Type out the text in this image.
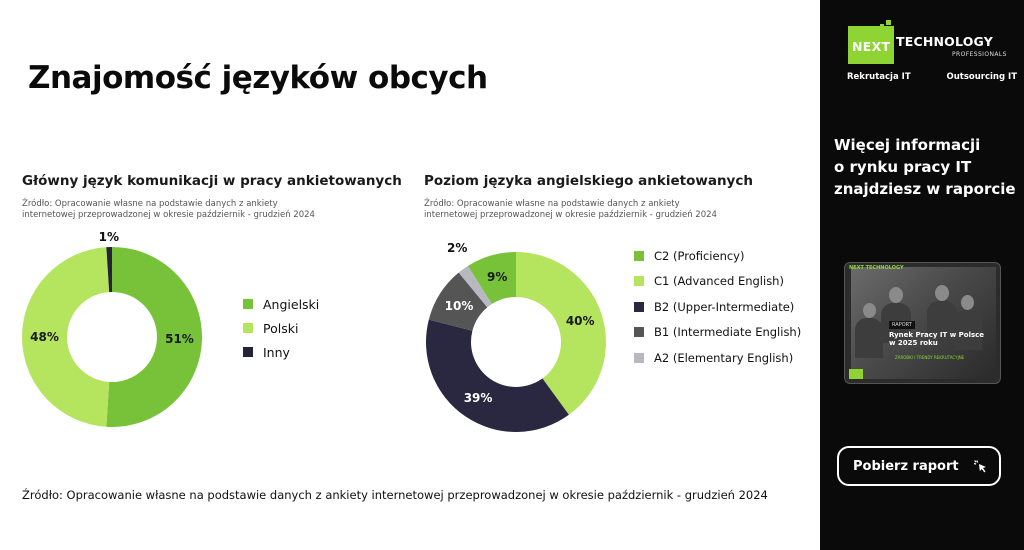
Znajomość języków obcych
Główny język komunikacji w pracy ankietowanych
Źródło: Opracowanie własne na podstawie danych z ankiety internetowej przeprowadzonej w okresie październik - grudzień 2024
51%
48%
1%
Angielski
Polski
Inny
Poziom języka angielskiego ankietowanych
Źródło: Opracowanie własne na podstawie danych z ankiety internetowej przeprowadzonej w okresie październik - grudzień 2024
9%
40%
39%
10%
2%
C2 (Proficiency)
C1 (Advanced English)
B2 (Upper-Intermediate)
B1 (Intermediate English)
A2 (Elementary English)
Źródło: Opracowanie własne na podstawie danych z ankiety internetowej przeprowadzonej w okresie październik - grudzień 2024
NEXT TECHNOLOGY
PROFESSIONALS
Rekrutacja IT	Outsourcing IT
Więcej informacji
o rynku pracy IT
znajdziesz w raporcie
NEXT TECHNOLOGY
RAPORT
Rynek Pracy IT w Polsce w 2025 roku
ZAROBKI I TRENDY REKRUTACYJNE
Pobierz raport
